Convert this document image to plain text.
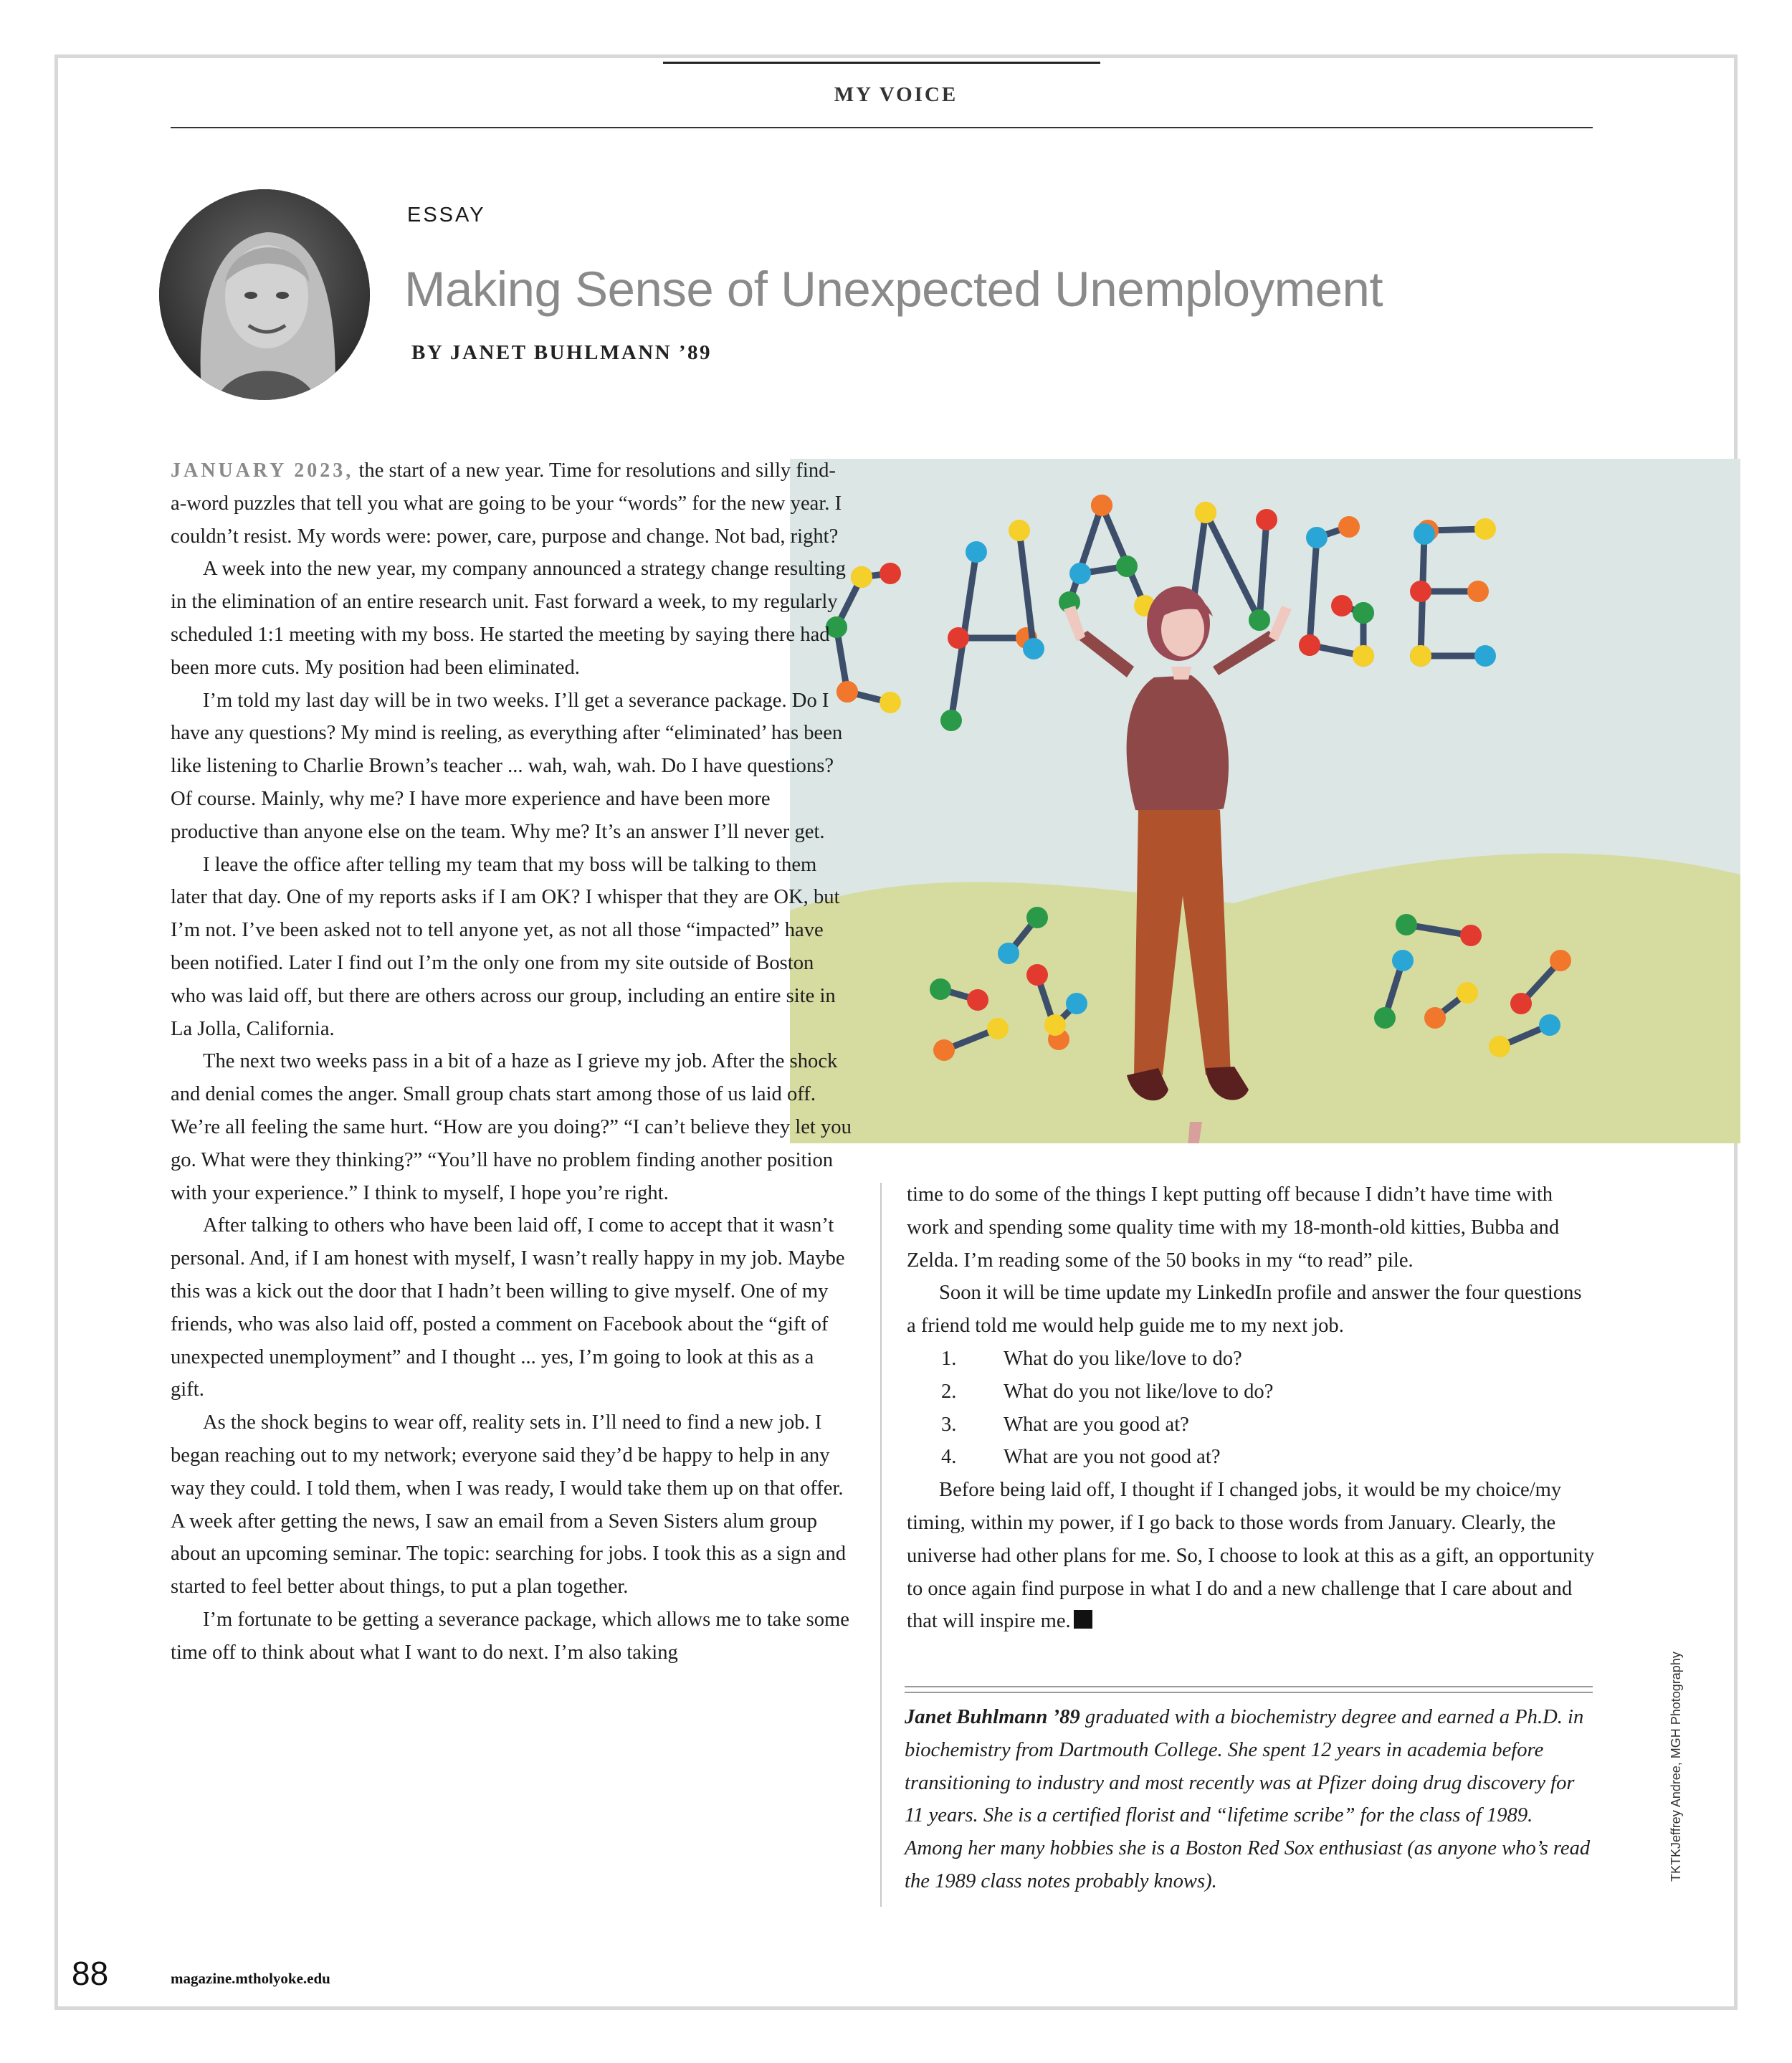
MY VOICE
ESSAY
Making Sense of Unexpected Unemployment
BY JANET BUHLMANN ’89
JANUARY 2023, the start of a new year. Time for resolutions and silly find-a-word puzzles that tell you what are going to be your “words” for the new year. I couldn’t resist. My words were: power, care, purpose and change. Not bad, right?
A week into the new year, my company announced a strategy change resulting in the elimination of an entire research unit. Fast forward a week, to my regularly scheduled 1:1 meeting with my boss. He started the meeting by saying there had been more cuts. My position had been eliminated.
I’m told my last day will be in two weeks. I’ll get a severance package. Do I have any questions? My mind is reeling, as everything after “eliminated’ has been like listening to Charlie Brown’s teacher ... wah, wah, wah. Do I have questions? Of course. Mainly, why me? I have more experience and have been more productive than anyone else on the team. Why me? It’s an answer I’ll never get.
I leave the office after telling my team that my boss will be talking to them later that day. One of my reports asks if I am OK? I whisper that they are OK, but I’m not. I’ve been asked not to tell anyone yet, as not all those “impacted” have been notified. Later I find out I’m the only one from my site outside of Boston who was laid off, but there are others across our group, including an entire site in La Jolla, California.
The next two weeks pass in a bit of a haze as I grieve my job. After the shock and denial comes the anger. Small group chats start among those of us laid off. We’re all feeling the same hurt. “How are you doing?” “I can’t believe they let you go. What were they thinking?” “You’ll have no problem finding another position with your experience.” I think to myself, I hope you’re right.
After talking to others who have been laid off, I come to accept that it wasn’t personal. And, if I am honest with myself, I wasn’t really happy in my job. Maybe this was a kick out the door that I hadn’t been willing to give myself. One of my friends, who was also laid off, posted a comment on Facebook about the “gift of unexpected unemployment” and I thought ... yes, I’m going to look at this as a gift.
As the shock begins to wear off, reality sets in. I’ll need to find a new job. I began reaching out to my network; everyone said they’d be happy to help in any way they could. I told them, when I was ready, I would take them up on that offer. A week after getting the news, I saw an email from a Seven Sisters alum group about an upcoming seminar. The topic: searching for jobs. I took this as a sign and started to feel better about things, to put a plan together.
I’m fortunate to be getting a severance package, which allows me to take some time off to think about what I want to do next. I’m also taking
time to do some of the things I kept putting off because I didn’t have time with work and spending some quality time with my 18-month-old kitties, Bubba and Zelda. I’m reading some of the 50 books in my “to read” pile.
Soon it will be time update my LinkedIn profile and answer the four questions a friend told me would help guide me to my next job.
1.	What do you like/love to do?
2.	What do you not like/love to do?
3.	What are you good at?
4.	What are you not good at?
Before being laid off, I thought if I changed jobs, it would be my choice/my timing, within my power, if I go back to those words from January. Clearly, the universe had other plans for me. So, I choose to look at this as a gift, an opportunity to once again find purpose in what I do and a new challenge that I care about and that will inspire me.
Janet Buhlmann ’89 graduated with a biochemistry degree and earned a Ph.D. in biochemistry from Dartmouth College. She spent 12 years in academia before transitioning to industry and most recently was at Pfizer doing drug discovery for 11 years. She is a certified florist and “lifetime scribe” for the class of 1989. Among her many hobbies she is a Boston Red Sox enthusiast (as anyone who’s read the 1989 class notes probably knows).	TKTKJeffrey Andree, MGH Photography
88	magazine.mtholyoke.edu
